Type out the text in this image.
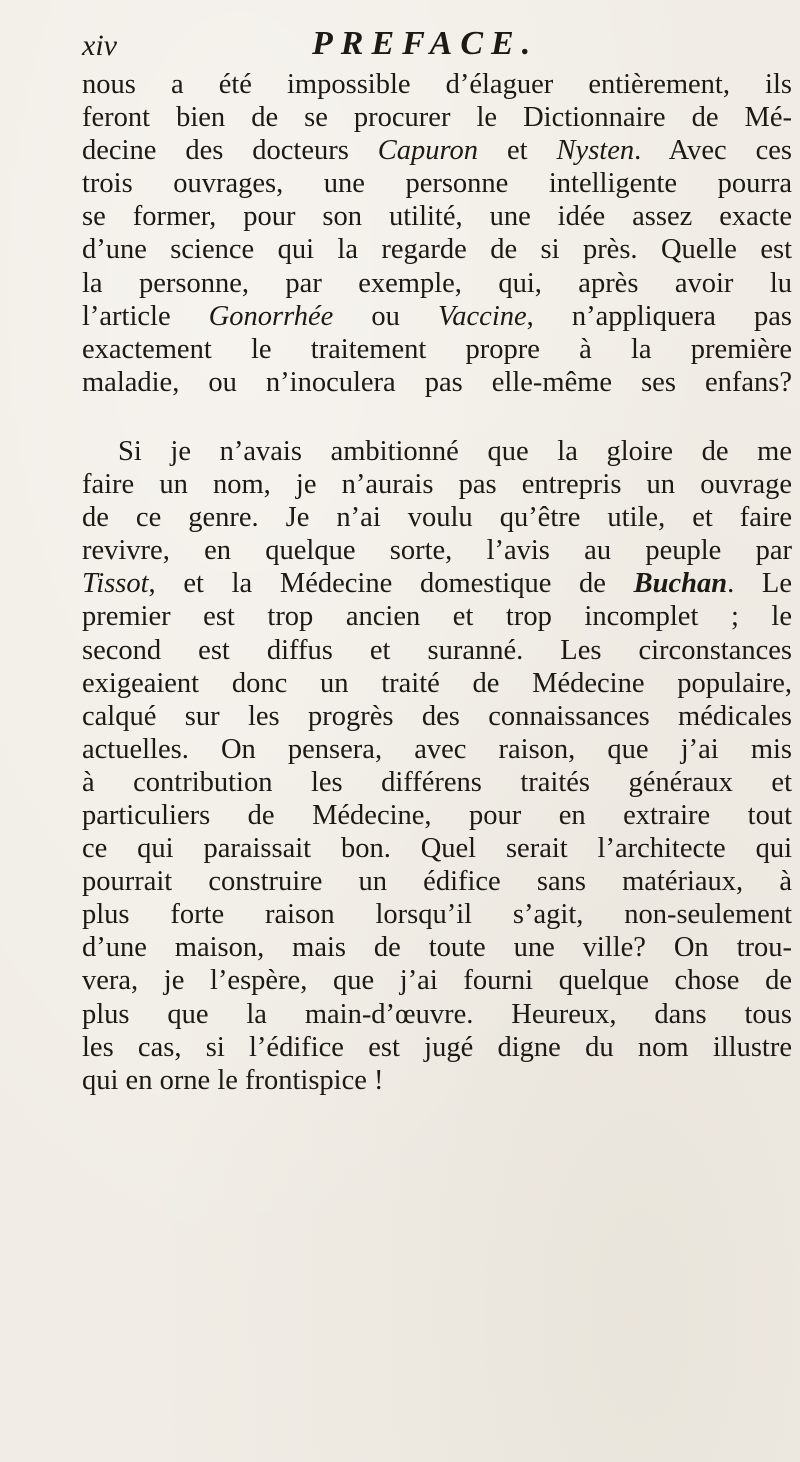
xiv	PREFACE.
nous a été impossible d’élaguer entièrement, ils
feront bien de se procurer le Dictionnaire de Mé-
decine des docteurs Capuron et Nysten. Avec ces
trois ouvrages, une personne intelligente pourra
se former, pour son utilité, une idée assez exacte
d’une science qui la regarde de si près. Quelle est
la personne, par exemple, qui, après avoir lu
l’article Gonorrhée ou Vaccine, n’appliquera pas
exactement le traitement propre à la première
maladie, ou n’inoculera pas elle-même ses enfans?
Si je n’avais ambitionné que la gloire de me
faire un nom, je n’aurais pas entrepris un ouvrage
de ce genre. Je n’ai voulu qu’être utile, et faire
revivre, en quelque sorte, l’avis au peuple par
Tissot, et la Médecine domestique de Buchan. Le
premier est trop ancien et trop incomplet ; le
second est diffus et suranné. Les circonstances
exigeaient donc un traité de Médecine populaire,
calqué sur les progrès des connaissances médicales
actuelles. On pensera, avec raison, que j’ai mis
à contribution les différens traités généraux et
particuliers de Médecine, pour en extraire tout
ce qui paraissait bon. Quel serait l’architecte qui
pourrait construire un édifice sans matériaux, à
plus forte raison lorsqu’il s’agit, non-seulement
d’une maison, mais de toute une ville? On trou-
vera, je l’espère, que j’ai fourni quelque chose de
plus que la main-d’œuvre. Heureux, dans tous
les cas, si l’édifice est jugé digne du nom illustre
qui en orne le frontispice !
